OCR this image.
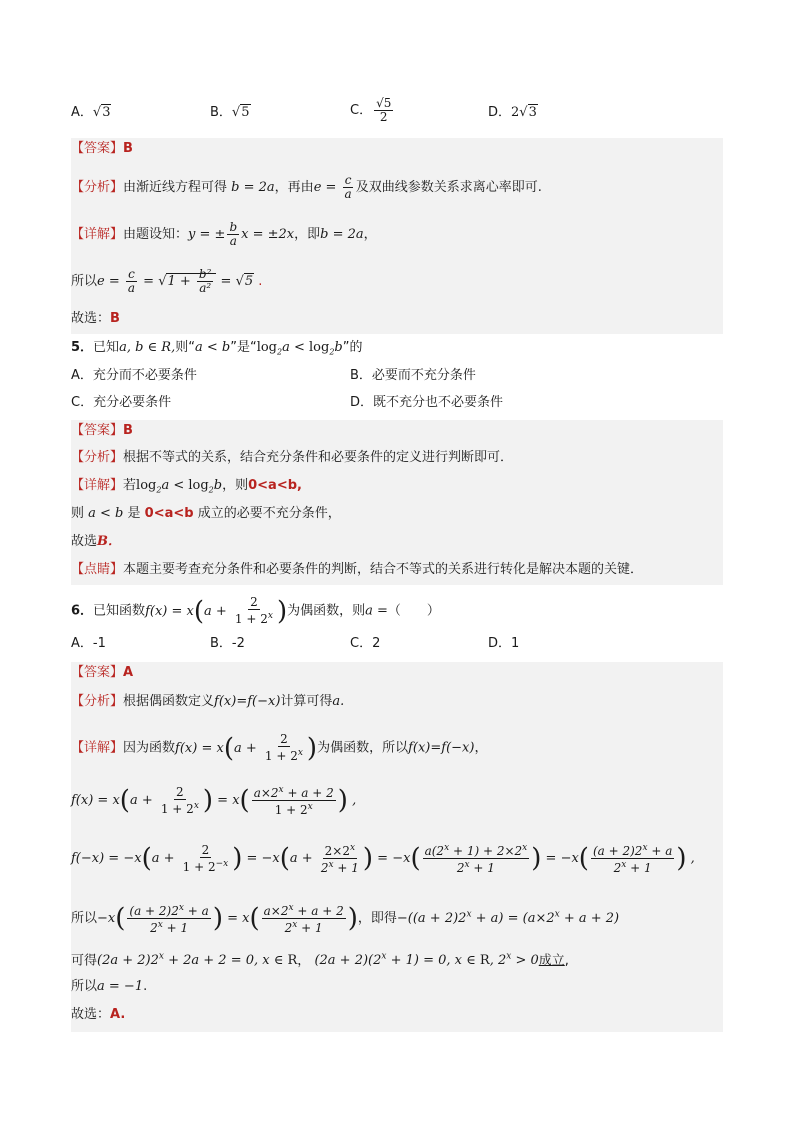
A．√3	B．√5	C． $\frac{√5}{2}$	D．2√3
【答案】B
【分析】由渐近线方程可得 b = 2a，再由$e = \frac{c}{a}$ 及双曲线参数关系求离心率即可.
【详解】由题设知：y = ± $\frac{b}{a}$ x = ±2x，即b = 2a，
所以$e = \frac{c}{a} = √1 + \frac{\text{b²}}{\text{a²}} = √5$ .
故选：B
5．已知a, b ∈ R,则“a < b”是“$\log_2a < \log_2b$”的
A．充分而不必要条件	B．必要而不充分条件
C．充分必要条件	D．既不充分也不必要条件
【答案】B
【分析】根据不等式的关系，结合充分条件和必要条件的定义进行判断即可．
【详解】若$\log_2a < \log_2b$，则0<a<b,
则 a < b 是 0<a<b 成立的必要不充分条件，
故选B．
【点睛】本题主要考查充分条件和必要条件的判断，结合不等式的关系进行转化是解决本题的关键．
6．已知函数$f(x) = x(a + \frac{2}{1 + 2^x}$ )为偶函数，则a =（　　）
A．-1	B．-2	C．2	D．1
【答案】A
【分析】根据偶函数定义f(x)=f(−x)计算可得a.
【详解】因为函数$f(x) = x(a + \frac{2}{1 + 2^x}$ )为偶函数，所以f(x)=f(−x)，
$f(x) = x(a + \frac{2}{1 + 2^x}$ ) = $x( \frac{a\times 2^x + a + 2}{1 + 2^x}$ ) ,
$f(-x) = -x(a + \frac{2}{1 + 2^{-x}}$ ) = $-x(a + \frac{2\times 2^x}{2^x + 1}$ ) = $-x( \frac{a(2^x + 1) + 2\times 2^x}{2^x + 1}$ ) = $-x( \frac{(a + 2)2^x + a}{2^x + 1}$ ) ,
所以$-x( \frac{(a + 2)2^x + a}{2^x + 1}$ ) = $x( \frac{a\times 2^x + a + 2}{2^x + 1}$ )，即得$-((a + 2)2^x + a) = (a\times 2^x + a + 2)$
可得$(2a + 2)2^x + 2a + 2 = 0$, x ∈ R， $(2a + 2)(2^x + 1) = 0$, x ∈ R, $2^x > 0$成立,
所以a = −1.
故选：A.
